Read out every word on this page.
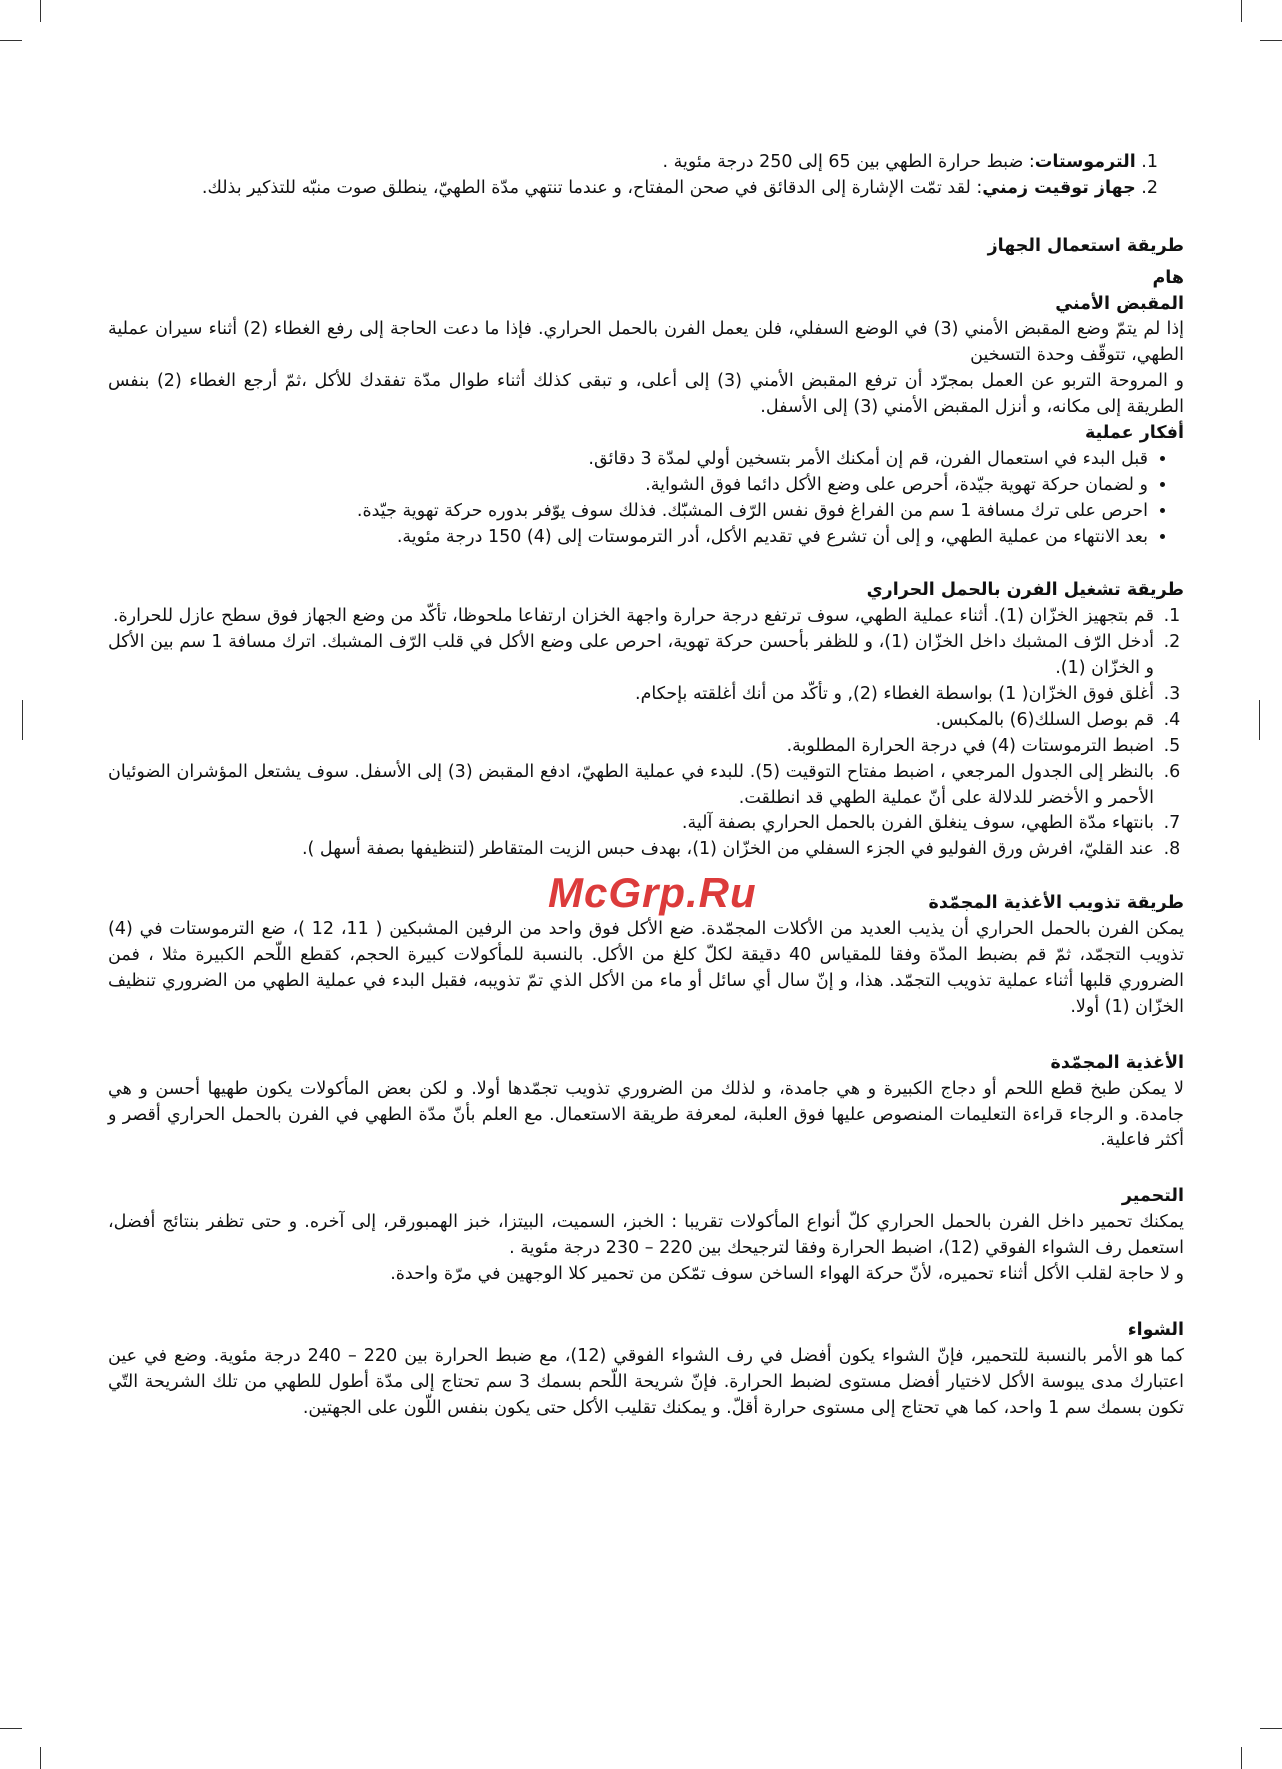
1. الترموستات: ضبط حرارة الطهي بين 65 إلى 250 درجة مئوية .

2. جهاز توقيت زمني: لقد تمّت الإشارة إلى الدقائق في صحن المفتاح، و عندما تنتهي مدّة الطهيّ، ينطلق صوت منبّه للتذكير بذلك.

طريقة استعمال الجهاز

هام

المقبض الأمني

إذا لم يتمّ وضع المقبض الأمني (3) في الوضع السفلي، فلن يعمل الفرن بالحمل الحراري. فإذا ما دعت الحاجة إلى رفع الغطاء (2) أثناء سيران عملية الطهي، تتوقّف وحدة التسخين

و المروحة التربو عن العمل بمجرّد أن ترفع المقبض الأمني (3) إلى أعلى، و تبقى كذلك أثناء طوال مدّة تفقدك للأكل ،ثمّ أرجع الغطاء (2) بنفس الطريقة إلى مكانه، و أنزل المقبض الأمني (3) إلى الأسفل.

أفكار عملية

• قبل البدء في استعمال الفرن، قم إن أمكنك الأمر بتسخين أولي لمدّة 3 دقائق.
• و لضمان حركة تهوية جيّدة، أحرص على وضع الأكل دائما فوق الشواية.
• احرص على ترك مسافة 1 سم من الفراغ فوق نفس الرّف المشبّك. فذلك سوف يوّفر بدوره حركة تهوية جيّدة.
• بعد الانتهاء من عملية الطهي، و إلى أن تشرع في تقديم الأكل، أدر الترموستات إلى (4) 150 درجة مئوية.

طريقة تشغيل الفرن بالحمل الحراري

1. قم بتجهيز الخزّان (1). أثناء عملية الطهي، سوف ترتفع درجة حرارة واجهة الخزان ارتفاعا ملحوظا، تأكّد من وضع الجهاز فوق سطح عازل للحرارة.
2. أدخل الرّف المشبك داخل الخزّان (1)، و للظفر بأحسن حركة تهوية، احرص على وضع الأكل في قلب الرّف المشبك. اترك مسافة 1 سم بين الأكل و الخزّان (1).
3. أغلق فوق الخزّان( 1) بواسطة الغطاء (2), و تأكّد من أنك أغلقته بإحكام.
4. قم بوصل السلك(6) بالمكبس.
5. اضبط الترموستات (4) في درجة الحرارة المطلوبة.
6. بالنظر إلى الجدول المرجعي ، اضبط مفتاح التوقيت (5). للبدء في عملية الطهيّ، ادفع المقبض (3) إلى الأسفل. سوف يشتعل المؤشران الضوئيان الأحمر و الأخضر للدلالة على أنّ عملية الطهي قد انطلقت.
7. بانتهاء مدّة الطهي، سوف ينغلق الفرن بالحمل الحراري بصفة آلية.
8. عند القليّ، افرش ورق الفوليو في الجزء السفلي من الخزّان (1)، بهدف حبس الزيت المتقاطر (لتنظيفها بصفة أسهل ).

طريقة تذويب الأغذية المجمّدة

يمكن الفرن بالحمل الحراري أن يذيب العديد من الأكلات المجمّدة. ضع الأكل فوق واحد من الرفين المشبكين ( 11، 12 )، ضع الترموستات في (4) تذويب التجمّد، ثمّ قم بضبط المدّة وفقا للمقياس 40 دقيقة لكلّ كلغ من الأكل. بالنسبة للمأكولات كبيرة الحجم، كقطع اللّحم الكبيرة مثلا ، فمن الضروري قلبها أثناء عملية تذويب التجمّد. هذا، و إنّ سال أي سائل أو ماء من الأكل الذي تمّ تذويبه، فقبل البدء في عملية الطهي من الضروري تنظيف الخزّان (1) أولا.

الأغذية المجمّدة

لا يمكن طبخ قطع اللحم أو دجاج الكبيرة و هي جامدة، و لذلك من الضروري تذويب تجمّدها أولا. و لكن بعض المأكولات يكون طهيها أحسن و هي جامدة. و الرجاء قراءة التعليمات المنصوص عليها فوق العلبة، لمعرفة طريقة الاستعمال. مع العلم بأنّ مدّة الطهي في الفرن بالحمل الحراري أقصر و أكثر فاعلية.

التحمير

يمكنك تحمير داخل الفرن بالحمل الحراري كلّ أنواع المأكولات تقريبا : الخبز، السميت، البيتزا، خبز الهمبورقر، إلى آخره. و حتى تظفر بنتائج أفضل، استعمل رف الشواء الفوقي (12)، اضبط الحرارة وفقا لترجيحك بين 220 – 230 درجة مئوية .

و لا حاجة لقلب الأكل أثناء تحميره، لأنّ حركة الهواء الساخن سوف تمّكن من تحمير كلا الوجهين في مرّة واحدة.

الشواء

كما هو الأمر بالنسبة للتحمير، فإنّ الشواء يكون أفضل في رف الشواء الفوقي (12)، مع ضبط الحرارة بين 220 – 240 درجة مئوية. وضع في عين اعتبارك مدى يبوسة الأكل لاختيار أفضل مستوى لضبط الحرارة. فإنّ شريحة اللّحم بسمك 3 سم تحتاج إلى مدّة أطول للطهي من تلك الشريحة التّي تكون بسمك سم 1 واحد، كما هي تحتاج إلى مستوى حرارة أقلّ. و يمكنك تقليب الأكل حتى يكون بنفس اللّون على الجهتين.

McGrp.Ru
